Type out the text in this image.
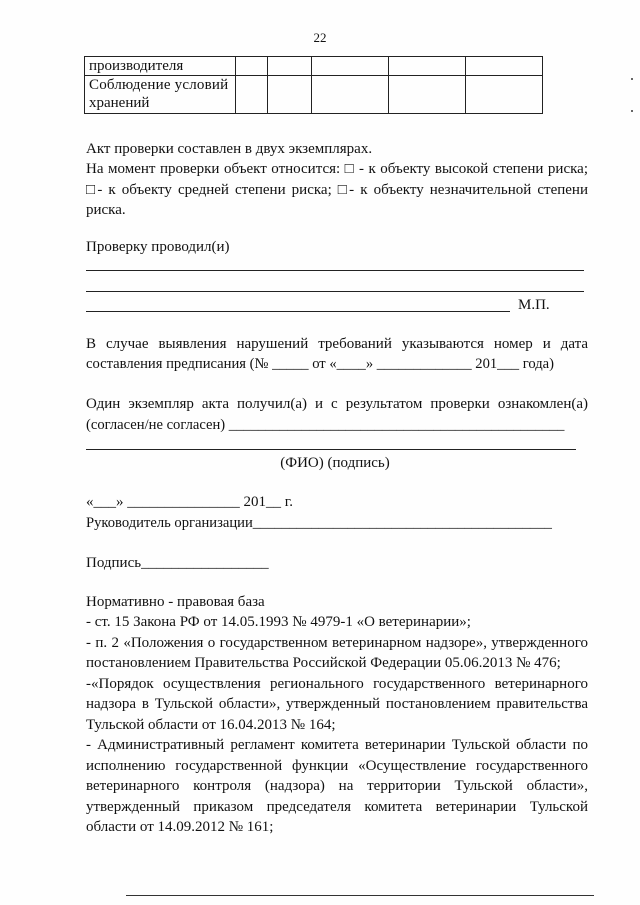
22
производителя					

Соблюдение условий
хранений					

Акт проверки составлен в двух экземплярах.
На момент проверки объект относится: □ - к объекту высокой степени риска;
□- к объекту средней степени риска; □- к объекту незначительной степени
риска.
Проверку проводил(и)
М.П.
В случае выявления нарушений требований указываются номер и дата
составления предписания (№ _____ от «____» _____________ 201___ года)
Один экземпляр акта получил(а) и с результатом проверки ознакомлен(а)
(согласен/не согласен) ______________________________________________
(ФИО) (подпись)
«___» _______________ 201__ г.
Руководитель организации_________________________________________
Подпись_________________
Нормативно - правовая база
- ст. 15 Закона РФ от 14.05.1993 № 4979-1 «О ветеринарии»;
- п. 2 «Положения о государственном ветеринарном надзоре», утвержденного
постановлением Правительства Российской Федерации 05.06.2013 № 476;
-«Порядок осуществления регионального государственного ветеринарного
надзора в Тульской области», утвержденный постановлением правительства
Тульской области от 16.04.2013 № 164;
- Административный регламент комитета ветеринарии Тульской области по
исполнению государственной функции «Осуществление государственного
ветеринарного контроля (надзора) на территории Тульской области»,
утвержденный приказом председателя комитета ветеринарии Тульской
области от 14.09.2012 № 161;
